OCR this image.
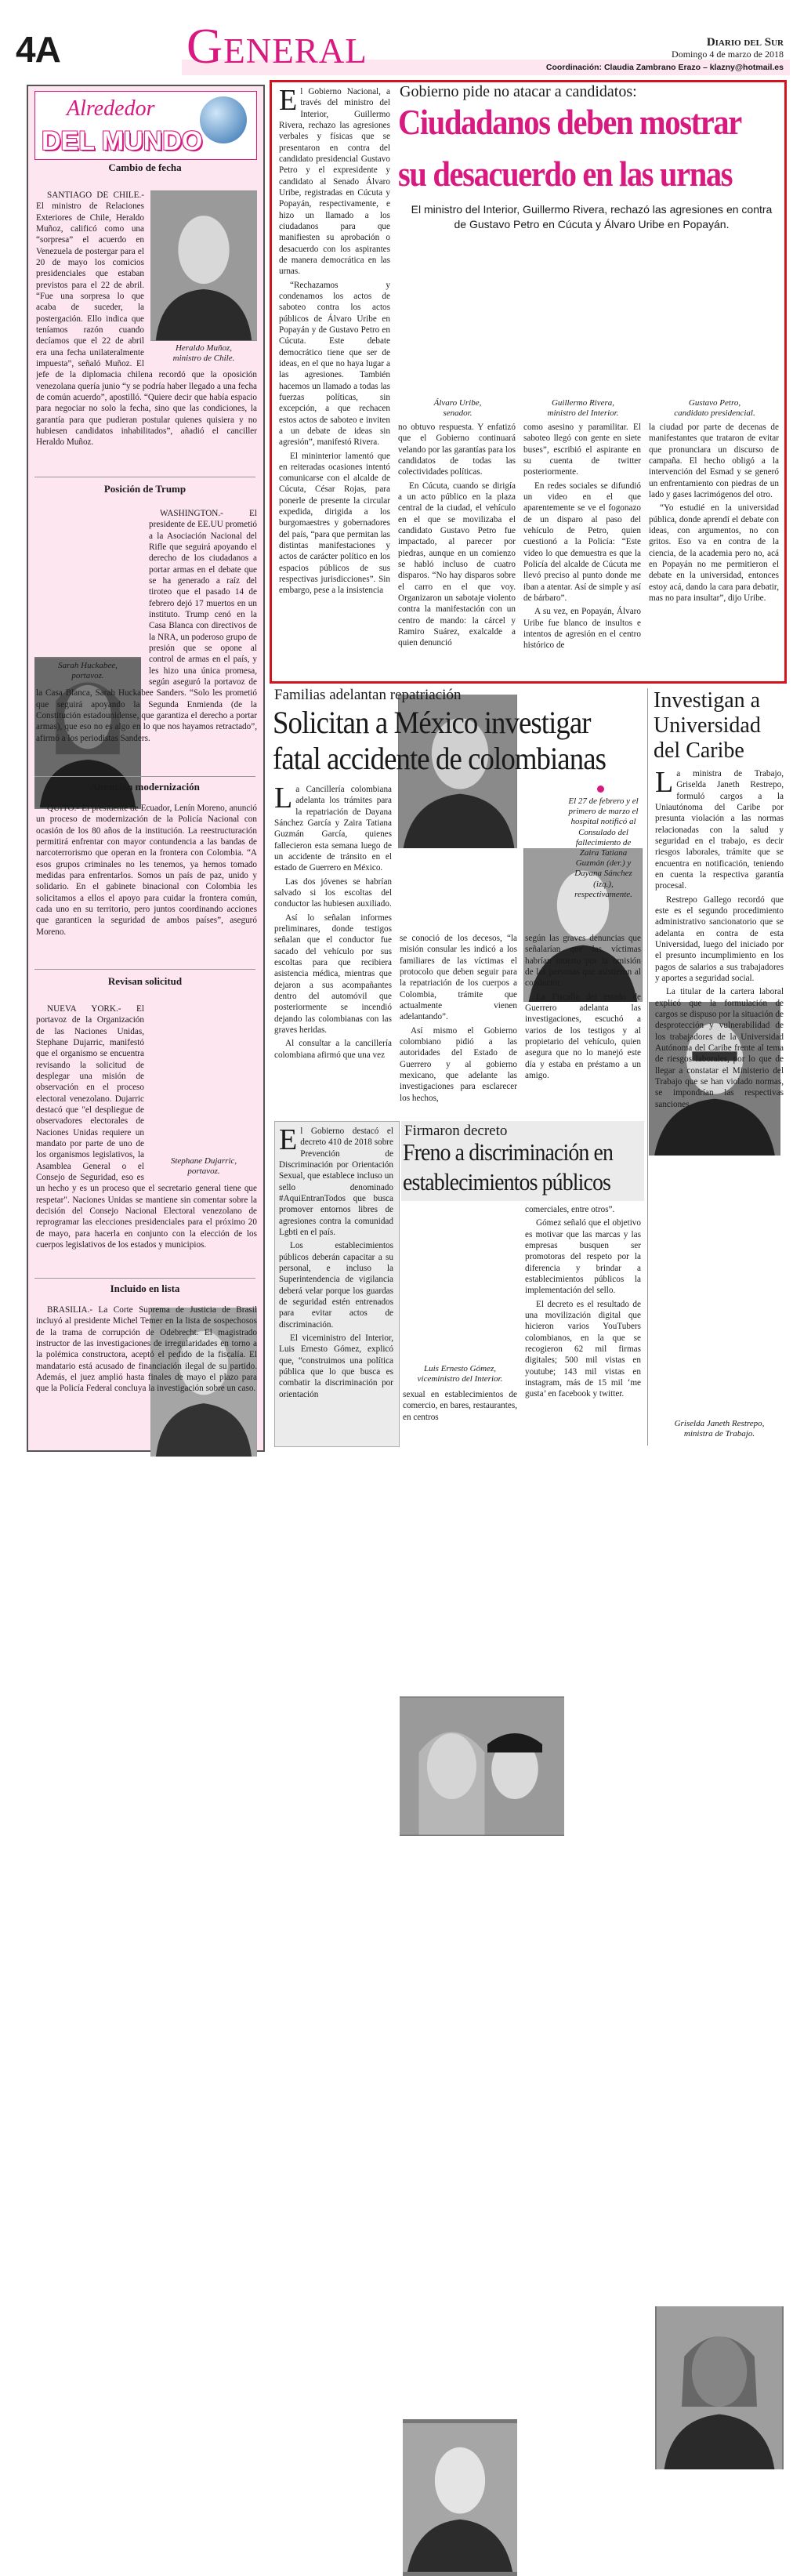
4A	General	Diario del Sur
Domingo 4 de marzo de 2018
Coordinación: Claudia Zambrano Erazo – klazny@hotmail.es
Alrededor
DEL MUNDO
Cambio de fecha
Heraldo Muñoz,
ministro de Chile.

SANTIAGO DE CHILE.- El ministro de Relaciones Exteriores de Chile, Heraldo Muñoz, calificó como una “sorpresa” el acuerdo en Venezuela de postergar para el 20 de mayo los comicios presidenciales que estaban previstos para el 22 de abril. “Fue una sorpresa lo que acaba de suceder, la postergación. Ello indica que teníamos razón cuando decíamos que el 22 de abril era una fecha unilateralmente impuesta”, señaló Muñoz. El jefe de la diplomacia chilena recordó que la oposición venezolana quería junio “y se podría haber llegado a una fecha de común acuerdo”, apostilló. “Quiere decir que había espacio para negociar no solo la fecha, sino que las condiciones, la garantía para que pudieran postular quienes quisiera y no hubiesen candidatos inhabilitados”, añadió el canciller Heraldo Muñoz.

Posición de Trump
Sarah Huckabee,
portavoz.

WASHINGTON.- El presidente de EE.UU prometió a la Asociación Nacional del Rifle que seguirá apoyando el derecho de los ciudadanos a portar armas en el debate que se ha generado a raíz del tiroteo que el pasado 14 de febrero dejó 17 muertos en un instituto. Trump cenó en la Casa Blanca con directivos de la NRA, un poderoso grupo de presión que se opone al control de armas en el país, y les hizo una única promesa, según aseguró la portavoz de la Casa Blanca, Sarah Huckabee Sanders. “Solo les prometió que seguirá apoyando la Segunda Enmienda (de la Constitución estadounidense, que garantiza el derecho a portar armas), que eso no es algo en lo que nos hayamos retractado”, afirmó a los periodistas Sanders.

Anuncian modernización

QUITO.- El presidente de Ecuador, Lenín Moreno, anunció un proceso de modernización de la Policía Nacional con ocasión de los 80 años de la institución. La reestructuración permitirá enfrentar con mayor contundencia a las bandas de narcoterrorismo que operan en la frontera con Colombia. “A esos grupos criminales no les tenemos, ya hemos tomado medidas para enfrentarlos. Somos un país de paz, unido y solidario. En el gabinete binacional con Colombia les solicitamos a ellos el apoyo para cuidar la frontera común, cada uno en su territorio, pero juntos coordinando acciones que garanticen la seguridad de ambos países”, aseguró Moreno.

Revisan solicitud
Stephane Dujarric,
portavoz.

NUEVA YORK.- El portavoz de la Organización de las Naciones Unidas, Stephane Dujarric, manifestó que el organismo se encuentra revisando la solicitud de desplegar una misión de observación en el proceso electoral venezolano. Dujarric destacó que "el despliegue de observadores electorales de Naciones Unidas requiere un mandato por parte de uno de los organismos legislativos, la Asamblea General o el Consejo de Seguridad, eso es un hecho y es un proceso que el secretario general tiene que respetar". Naciones Unidas se mantiene sin comentar sobre la decisión del Consejo Nacional Electoral venezolano de reprogramar las elecciones presidenciales para el próximo 20 de mayo, para hacerla en conjunto con la elección de los cuerpos legislativos de los estados y municipios.

Incluido en lista

BRASILIA.- La Corte Suprema de Justicia de Brasil incluyó al presidente Michel Temer en la lista de sospechosos de la trama de corrupción de Odebrecht. El magistrado instructor de las investigaciones de irregularidades en torno a la polémica constructora, aceptó el pedido de la fiscalía. El mandatario está acusado de financiación ilegal de su partido. Además, el juez amplió hasta finales de mayo el plazo para que la Policía Federal concluya la investigación sobre un caso.

El Gobierno Nacional, a través del ministro del Interior, Guillermo Rivera, rechazo las agresiones verbales y físicas que se presentaron en contra del candidato presidencial Gustavo Petro y el expresidente y candidato al Senado Álvaro Uribe, registradas en Cúcuta y Popayán, respectivamente, e hizo un llamado a los ciudadanos para que manifiesten su aprobación o desacuerdo con los aspirantes de manera democrática en las urnas.

“Rechazamos y condenamos los actos de saboteo contra los actos públicos de Álvaro Uribe en Popayán y de Gustavo Petro en Cúcuta. Este debate democrático tiene que ser de ideas, en el que no haya lugar a las agresiones. También hacemos un llamado a todas las fuerzas políticas, sin excepción, a que rechacen estos actos de saboteo e inviten a un debate de ideas sin agresión”, manifestó Rivera.

El mininterior lamentó que en reiteradas ocasiones intentó comunicarse con el alcalde de Cúcuta, César Rojas, para ponerle de presente la circular expedida, dirigida a los burgomaestres y gobernadores del país, “para que permitan las distintas manifestaciones y actos de carácter político en los espacios públicos de sus respectivas jurisdicciones”. Sin embargo, pese a la insistencia

Gobierno pide no atacar a candidatos:
Ciudadanos deben mostrar
su desacuerdo en las urnas
El ministro del Interior, Guillermo Rivera, rechazó las agresiones en contra de Gustavo Petro en Cúcuta y Álvaro Uribe en Popayán.
Álvaro Uribe,
senador.
Guillermo Rivera,
ministro del Interior.
Gustavo Petro,
candidato presidencial.

no obtuvo respuesta. Y enfatizó que el Gobierno continuará velando por las garantías para los candidatos de todas las colectividades políticas.

En Cúcuta, cuando se dirigía a un acto público en la plaza central de la ciudad, el vehículo en el que se movilizaba el candidato Gustavo Petro fue impactado, al parecer por piedras, aunque en un comienzo se habló incluso de cuatro disparos. “No hay disparos sobre el carro en el que voy. Organizaron un sabotaje violento contra la manifestación con un centro de mando: la cárcel y Ramiro Suárez, exalcalde a quien denunció

como asesino y paramilitar. El saboteo llegó con gente en siete buses”, escribió el aspirante en su cuenta de twitter posteriormente.

En redes sociales se difundió un video en el que aparentemente se ve el fogonazo de un disparo al paso del vehículo de Petro, quien cuestionó a la Policía: “Este video lo que demuestra es que la Policía del alcalde de Cúcuta me llevó preciso al punto donde me iban a atentar. Así de simple y así de bárbaro”.

A su vez, en Popayán, Álvaro Uribe fue blanco de insultos e intentos de agresión en el centro histórico de

la ciudad por parte de decenas de manifestantes que trataron de evitar que pronunciara un discurso de campaña. El hecho obligó a la intervención del Esmad y se generó un enfrentamiento con piedras de un lado y gases lacrimógenos del otro.

“Yo estudié en la universidad pública, donde aprendí el debate con ideas, con argumentos, no con gritos. Eso va en contra de la ciencia, de la academia pero no, acá en Popayán no me permitieron el debate en la universidad, entonces estoy acá, dando la cara para debatir, mas no para insultar”, dijo Uribe.

Familias adelantan repatriación
Solicitan a México investigar
fatal accidente de colombianas

La Cancillería colombiana adelanta los trámites para la repatriación de Dayana Sánchez García y Zaira Tatiana Guzmán García, quienes fallecieron esta semana luego de un accidente de tránsito en el estado de Guerrero en México.

Las dos jóvenes se habrían salvado si los escoltas del conductor las hubiesen auxiliado.

Así lo señalan informes preliminares, donde testigos señalan que el conductor fue sacado del vehículo por sus escoltas para que recibiera asistencia médica, mientras que dejaron a sus acompañantes dentro del automóvil que posteriormente se incendió dejando las colombianas con las graves heridas.

Al consultar a la cancillería colombiana afirmó que una vez

El 27 de febrero y el primero de marzo el hospital notificó al Consulado del fallecimiento de Zaira Tatiana Guzmán (der.) y Dayana Sánchez (izq.), respectivamente.

se conoció de los decesos, “la misión consular les indicó a los familiares de las víctimas el protocolo que deben seguir para la repatriación de los cuerpos a Colombia, trámite que actualmente vienen adelantando”.

Así mismo el Gobierno colombiano pidió a las autoridades del Estado de Guerrero y al gobierno mexicano, que adelante las investigaciones para esclarecer los hechos,

según las graves denuncias que señalarían que las víctimas habrían muerto por la omisión de las personas que asistieron al conductor.

La Fiscalía del estado de Guerrero adelanta las investigaciones, escuchó a varios de los testigos y al propietario del vehículo, quien asegura que no lo manejó este día y estaba en préstamo a un amigo.

Investigan a
Universidad
del Caribe

La ministra de Trabajo, Griselda Janeth Restrepo, formuló cargos a la Uniautónoma del Caribe por presunta violación a las normas relacionadas con la salud y seguridad en el trabajo, es decir riesgos laborales, trámite que se encuentra en notificación, teniendo en cuenta la respectiva garantía procesal.

Restrepo Gallego recordó que este es el segundo procedimiento administrativo sancionatorio que se adelanta en contra de esta Universidad, luego del iniciado por el presunto incumplimiento en los pagos de salarios a sus trabajadores y aportes a seguridad social.

La titular de la cartera laboral explicó que la formulación de cargos se dispuso por la situación de desprotección y vulnerabilidad de los trabajadores de la Universidad Autónoma del Caribe frente al tema de riesgos laborales, por lo que de llegar a constatar el Ministerio del Trabajo que se han violado normas, se impondrían las respectivas sanciones.

Griselda Janeth Restrepo,
ministra de Trabajo.

El Gobierno destacó el decreto 410 de 2018 sobre Prevención de Discriminación por Orientación Sexual, que establece incluso un sello denominado #AquiEntranTodos que busca promover entornos libres de agresiones contra la comunidad Lgbti en el país.

Los establecimientos públicos deberán capacitar a su personal, e incluso la Superintendencia de vigilancia deberá velar porque los guardas de seguridad estén entrenados para evitar actos de discriminación.

El viceministro del Interior, Luis Ernesto Gómez, explicó que, “construimos una política pública que lo que busca es combatir la discriminación por orientación

Firmaron decreto
Freno a discriminación en
establecimientos públicos
Luis Ernesto Gómez,
viceministro del Interior.

sexual en establecimientos de comercio, en bares, restaurantes, en centros

comerciales, entre otros”.

Gómez señaló que el objetivo es motivar que las marcas y las empresas busquen ser promotoras del respeto por la diferencia y brindar a establecimientos públicos la implementación del sello.

El decreto es el resultado de una movilización digital que hicieron varios YouTubers colombianos, en la que se recogieron 62 mil firmas digitales; 500 mil vistas en youtube; 143 mil vistas en instagram, más de 15 mil ‘me gusta’ en facebook y twitter.
